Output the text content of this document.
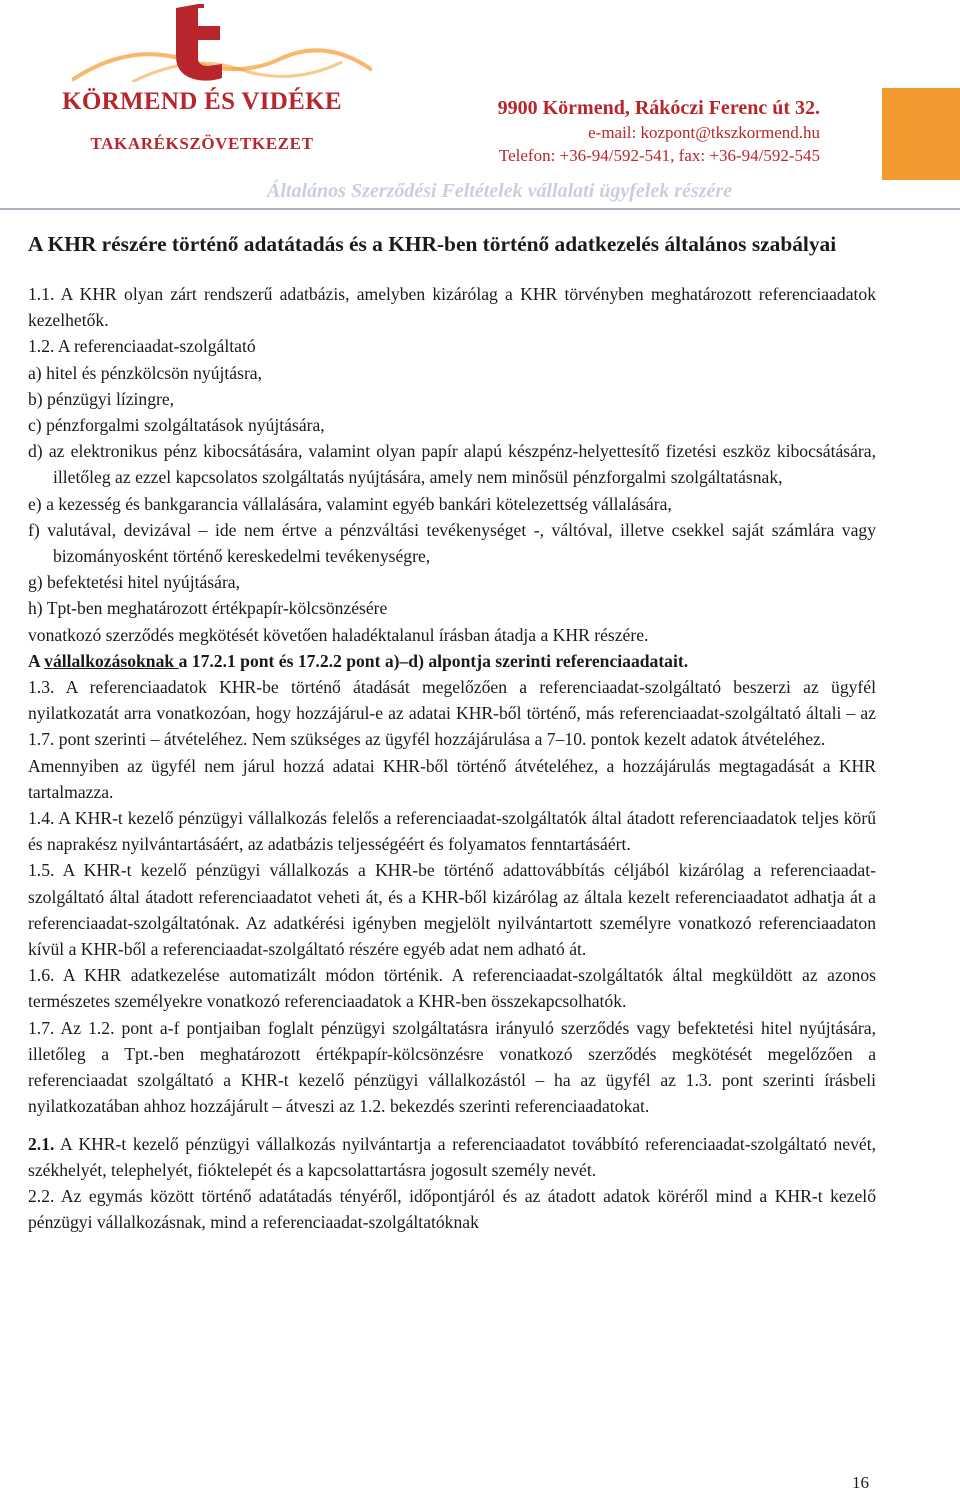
KÖRMEND ÉS VIDÉKE
TAKARÉKSZÖVETKEZET
9900 Körmend, Rákóczi Ferenc út 32.
e-mail: kozpont@tkszkormend.hu
Telefon: +36-94/592-541, fax: +36-94/592-545
Általános Szerződési Feltételek vállalati ügyfelek részére

A KHR részére történő adatátadás és a KHR-ben történő adatkezelés általános szabályai

1.1. A KHR olyan zárt rendszerű adatbázis, amelyben kizárólag a KHR törvényben meghatározott referenciaadatok kezelhetők.

1.2. A referenciaadat-szolgáltató

a) hitel és pénzkölcsön nyújtásra,

b) pénzügyi lízingre,

c) pénzforgalmi szolgáltatások nyújtására,

d) az elektronikus pénz kibocsátására, valamint olyan papír alapú készpénz-helyettesítő fizetési eszköz kibocsátására, illetőleg az ezzel kapcsolatos szolgáltatás nyújtására, amely nem minősül pénzforgalmi szolgáltatásnak,

e) a kezesség és bankgarancia vállalására, valamint egyéb bankári kötelezettség vállalására,

f) valutával, devizával – ide nem értve a pénzváltási tevékenységet -, váltóval, illetve csekkel saját számlára vagy bizományosként történő kereskedelmi tevékenységre,

g) befektetési hitel nyújtására,

h) Tpt-ben meghatározott értékpapír-kölcsönzésére

vonatkozó szerződés megkötését követően haladéktalanul írásban átadja a KHR részére.

A vállalkozásoknak a 17.2.1 pont és 17.2.2 pont a)–d) alpontja szerinti referenciaadatait.

1.3. A referenciaadatok KHR-be történő átadását megelőzően a referenciaadat-szolgáltató beszerzi az ügyfél nyilatkozatát arra vonatkozóan, hogy hozzájárul-e az adatai KHR-ből történő, más referenciaadat-szolgáltató általi – az 1.7. pont szerinti – átvételéhez. Nem szükséges az ügyfél hozzájárulása a 7–10. pontok kezelt adatok átvételéhez.

Amennyiben az ügyfél nem járul hozzá adatai KHR-ből történő átvételéhez, a hozzájárulás megtagadását a KHR tartalmazza.

1.4. A KHR-t kezelő pénzügyi vállalkozás felelős a referenciaadat-szolgáltatók által átadott referenciaadatok teljes körű és naprakész nyilvántartásáért, az adatbázis teljességéért és folyamatos fenntartásáért.

1.5. A KHR-t kezelő pénzügyi vállalkozás a KHR-be történő adattovábbítás céljából kizárólag a referenciaadat-szolgáltató által átadott referenciaadatot veheti át, és a KHR-ből kizárólag az általa kezelt referenciaadatot adhatja át a referenciaadat-szolgáltatónak. Az adatkérési igényben megjelölt nyilvántartott személyre vonatkozó referenciaadaton kívül a KHR-ből a referenciaadat-szolgáltató részére egyéb adat nem adható át.

1.6. A KHR adatkezelése automatizált módon történik. A referenciaadat-szolgáltatók által megküldött az azonos természetes személyekre vonatkozó referenciaadatok a KHR-ben összekapcsolhatók.

1.7. Az 1.2. pont a-f pontjaiban foglalt pénzügyi szolgáltatásra irányuló szerződés vagy befektetési hitel nyújtására, illetőleg a Tpt.-ben meghatározott értékpapír-kölcsönzésre vonatkozó szerződés megkötését megelőzően a referenciaadat szolgáltató a KHR-t kezelő pénzügyi vállalkozástól – ha az ügyfél az 1.3. pont szerinti írásbeli nyilatkozatában ahhoz hozzájárult – átveszi az 1.2. bekezdés szerinti referenciaadatokat.

2.1. A KHR-t kezelő pénzügyi vállalkozás nyilvántartja a referenciaadatot továbbító referenciaadat-szolgáltató nevét, székhelyét, telephelyét, fióktelepét és a kapcsolattartásra jogosult személy nevét.

2.2. Az egymás között történő adatátadás tényéről, időpontjáról és az átadott adatok köréről mind a KHR-t kezelő pénzügyi vállalkozásnak, mind a referenciaadat-szolgáltatóknak

16
